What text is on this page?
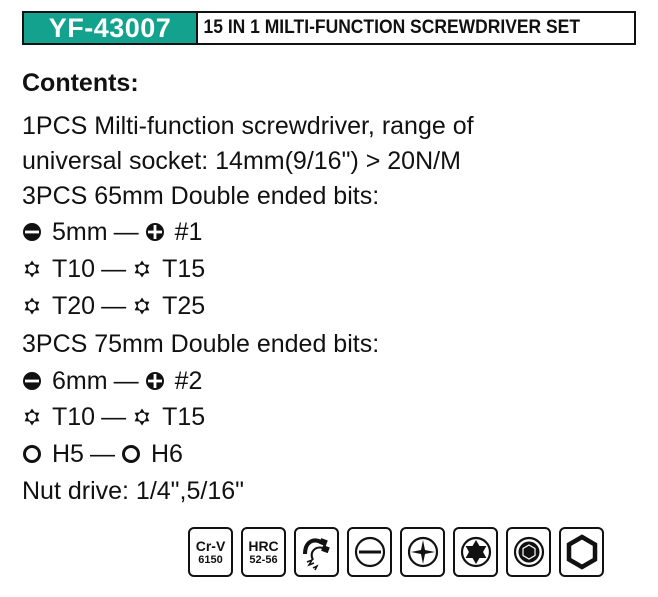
YF-43007	15 IN 1 MILTI-FUNCTION SCREWDRIVER SET
Contents:
1PCS Milti-function screwdriver, range of
universal socket: 14mm(9/16") > 20N/M
3PCS 65mm Double ended bits:
5mm — #1
T10 — T15
T20 — T25
3PCS 75mm Double ended bits:
6mm — #2
T10 — T15
H5 — H6
Nut drive: 1/4",5/16"
Cr-V
6150
HRC
52-56
